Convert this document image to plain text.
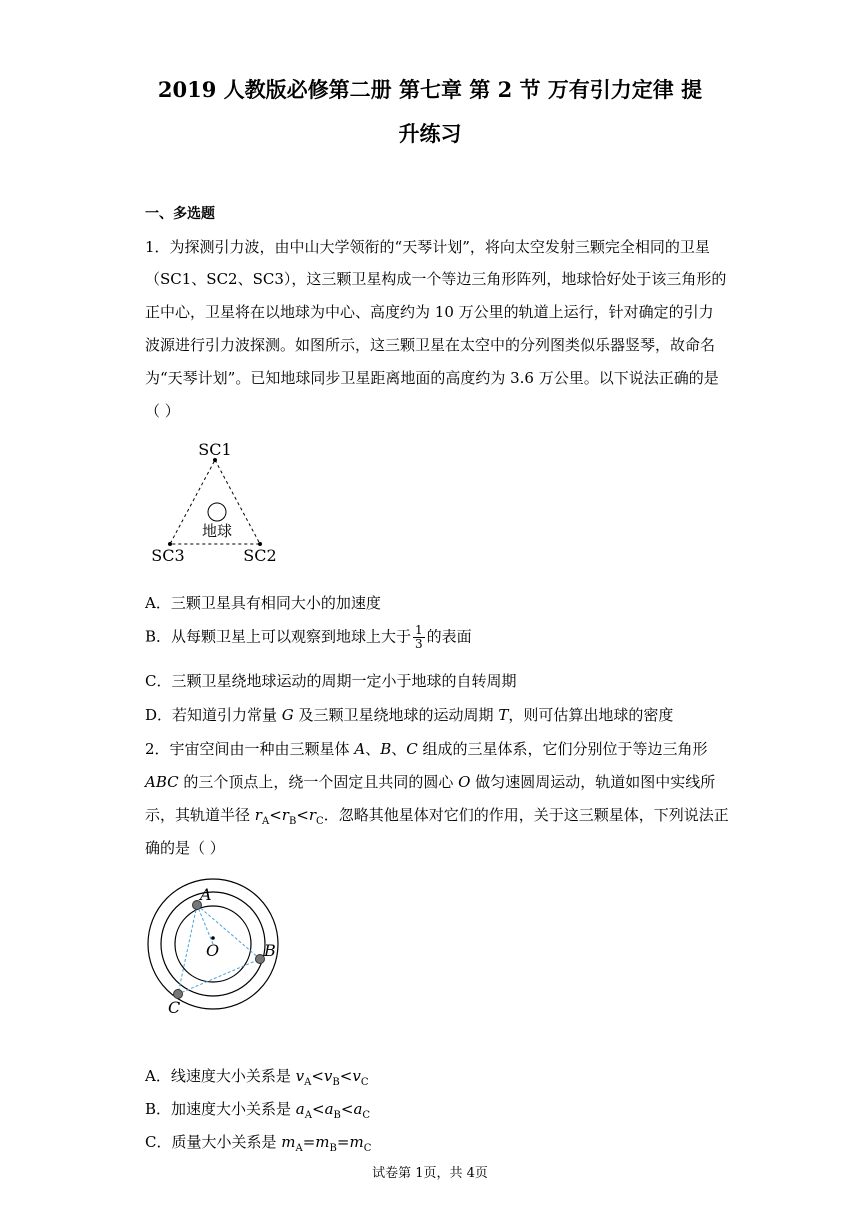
2019 人教版必修第二册 第七章 第 2 节 万有引力定律 提
升练习
一、多选题
1．为探测引力波，由中山大学领衔的“天琴计划”，将向太空发射三颗完全相同的卫星
（SC1、SC2、SC3），这三颗卫星构成一个等边三角形阵列，地球恰好处于该三角形的
正中心，卫星将在以地球为中心、高度约为 10 万公里的轨道上运行，针对确定的引力
波源进行引力波探测。如图所示，这三颗卫星在太空中的分列图类似乐器竖琴，故命名
为“天琴计划”。已知地球同步卫星距离地面的高度约为 3.6 万公里。以下说法正确的是
（ ）
SC1
SC2
SC3
地球
A．三颗卫星具有相同大小的加速度
B．从每颗卫星上可以观察到地球上大于 $\frac{1}{3}$ 的表面
C．三颗卫星绕地球运动的周期一定小于地球的自转周期
D．若知道引力常量 G 及三颗卫星绕地球的运动周期 T，则可估算出地球的密度
2．宇宙空间由一种由三颗星体 A、B、C 组成的三星体系，它们分别位于等边三角形
ABC 的三个顶点上，绕一个固定且共同的圆心 O 做匀速圆周运动，轨道如图中实线所
示，其轨道半径 $r_A<r_B<r_C$．忽略其他星体对它们的作用，关于这三颗星体，下列说法正
确的是（ ）
A
B
C
O
A．线速度大小关系是 $v_A<v_B<v_C$
B．加速度大小关系是 $a_A<a_B<a_C$
C．质量大小关系是 $m_A=m_B=m_C$
试卷第 1页，共 4页
